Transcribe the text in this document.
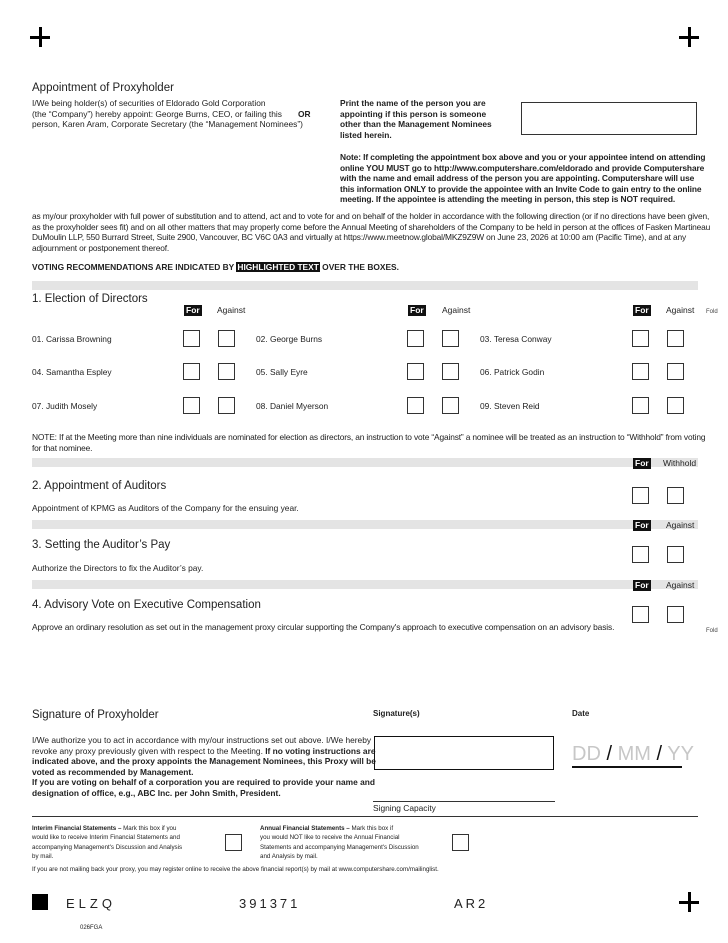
Appointment of Proxyholder
I/We being holder(s) of securities of Eldorado Gold Corporation
(the “Company”) hereby appoint: George Burns, CEO, or failing this
person, Karen Aram, Corporate Secretary (the “Management Nominees”)
OR
Print the name of the person you are
appointing if this person is someone
other than the Management Nominees
listed herein.
Note: If completing the appointment box above and you or your appointee intend on attending
online YOU MUST go to http://www.computershare.com/eldorado and provide Computershare
with the name and email address of the person you are appointing. Computershare will use
this information ONLY to provide the appointee with an Invite Code to gain entry to the online
meeting. If the appointee is attending the meeting in person, this step is NOT required.
as my/our proxyholder with full power of substitution and to attend, act and to vote for and on behalf of the holder in accordance with the following direction (or if no directions have been given,
as the proxyholder sees fit) and on all other matters that may properly come before the Annual Meeting of shareholders of the Company to be held in person at the offices of Fasken Martineau
DuMoulin LLP, 550 Burrard Street, Suite 2900, Vancouver, BC V6C 0A3 and virtually at https://www.meetnow.global/MKZ9Z9W on June 23, 2026 at 10:00 am (Pacific Time), and at any
adjournment or postponement thereof.
VOTING RECOMMENDATIONS ARE INDICATED BY HIGHLIGHTED TEXT OVER THE BOXES.
1. Election of Directors
For Against	For Against	For Against Fold
01. Carissa Browning	02. George Burns	03. Teresa Conway
04. Samantha Espley	05. Sally Eyre	06. Patrick Godin
07. Judith Mosely	08. Daniel Myerson	09. Steven Reid
NOTE: If at the Meeting more than nine individuals are nominated for election as directors, an instruction to vote “Against” a nominee will be treated as an instruction to “Withhold” from voting
for that nominee.
For Withhold
2. Appointment of Auditors
Appointment of KPMG as Auditors of the Company for the ensuing year.
For Against
3. Setting the Auditor’s Pay
Authorize the Directors to fix the Auditor’s pay.
For Against
4. Advisory Vote on Executive Compensation
Approve an ordinary resolution as set out in the management proxy circular supporting the Company's approach to executive compensation on an advisory basis.	Fold
Signature of Proxyholder
I/We authorize you to act in accordance with my/our instructions set out above. I/We hereby
revoke any proxy previously given with respect to the Meeting. If no voting instructions are
indicated above, and the proxy appoints the Management Nominees, this Proxy will be
voted as recommended by Management.
If you are voting on behalf of a corporation you are required to provide your name and
designation of office, e.g., ABC Inc. per John Smith, President.
Signature(s)
Signing Capacity
Date
DD / MM / YY
Interim Financial Statements – Mark this box if you
would like to receive Interim Financial Statements and
accompanying Management's Discussion and Analysis
by mail.
Annual Financial Statements – Mark this box if
you would NOT like to receive the Annual Financial
Statements and accompanying Management's Discussion
and Analysis by mail.
If you are not mailing back your proxy, you may register online to receive the above financial report(s) by mail at www.computershare.com/mailinglist.
ELZQ	391371	AR2
026FGA
